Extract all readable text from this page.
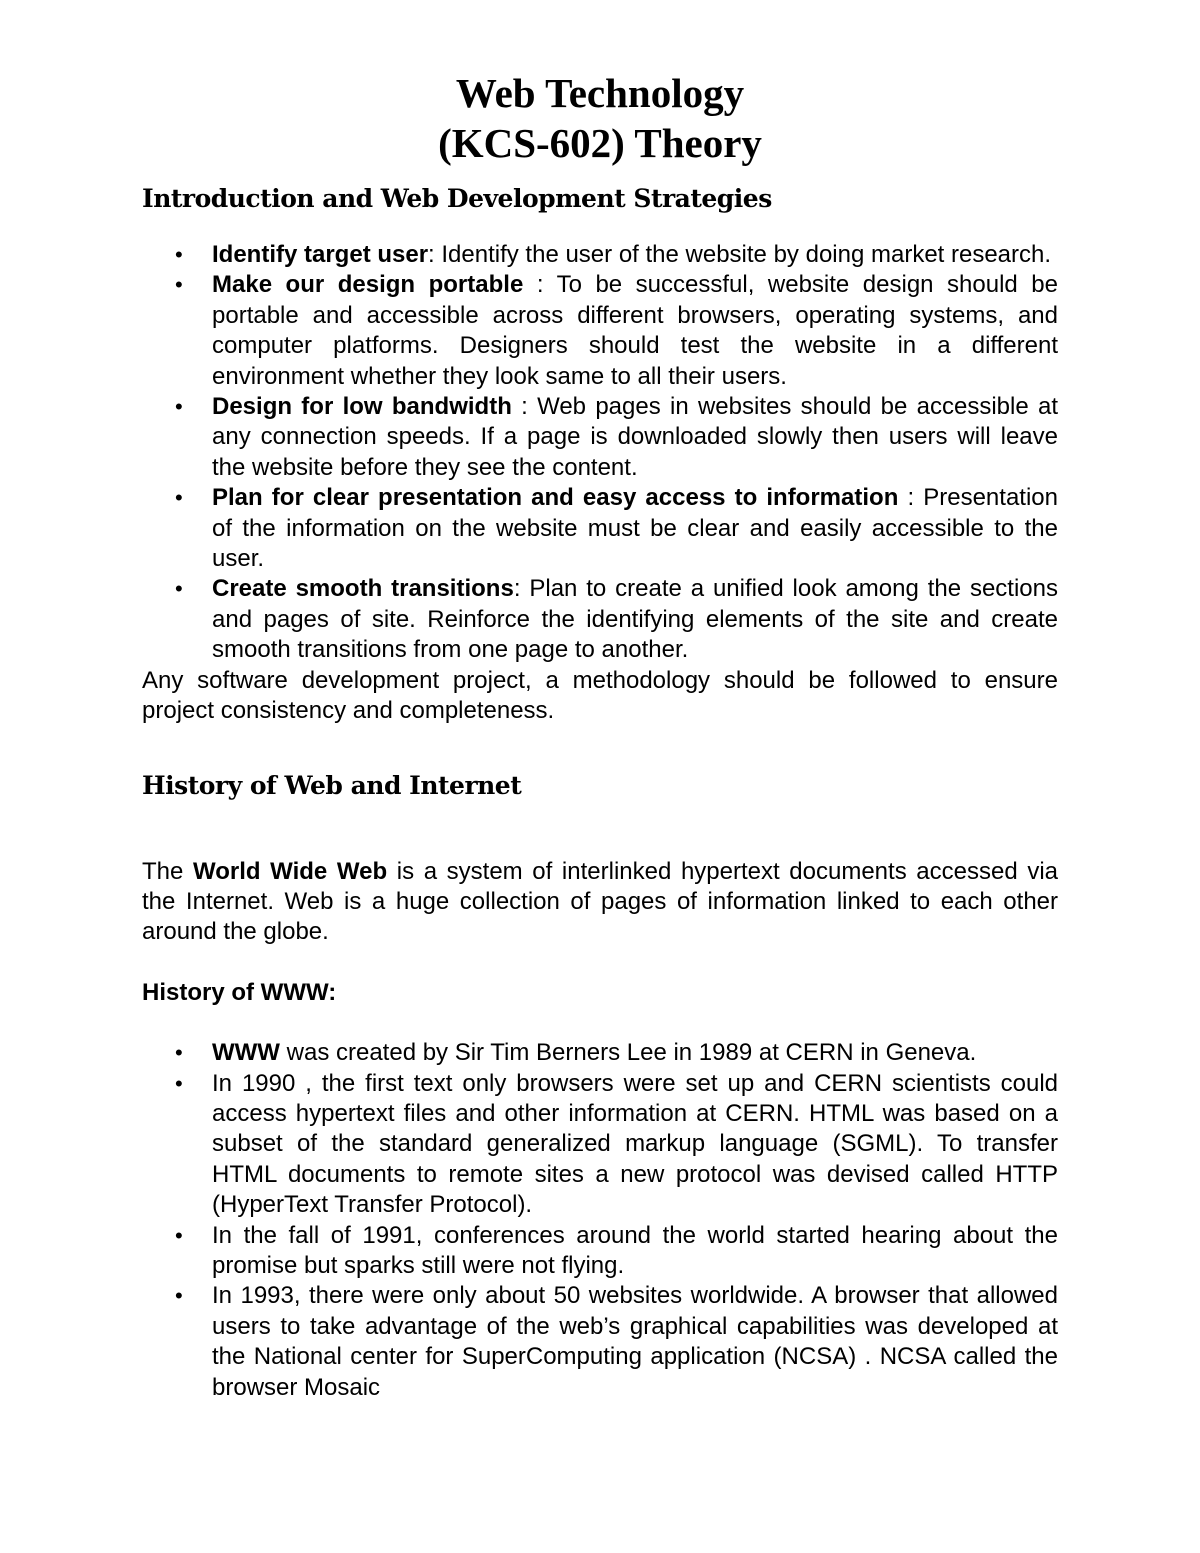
Web Technology
(KCS-602) Theory
Introduction and Web Development Strategies
• Identify target user: Identify the user of the website by doing market research.
• Make our design portable : To be successful, website design should be portable and accessible across different browsers, operating systems, and computer platforms. Designers should test the website in a different environment whether they look same to all their users.
• Design for low bandwidth : Web pages in websites should be accessible at any connection speeds. If a page is downloaded slowly then users will leave the website before they see the content.
• Plan for clear presentation and easy access to information : Presentation of the information on the website must be clear and easily accessible to the user.
• Create smooth transitions: Plan to create a unified look among the sections and pages of site. Reinforce the identifying elements of the site and create smooth transitions from one page to another.

Any software development project, a methodology should be followed to ensure project consistency and completeness.

History of Web and Internet

The World Wide Web is a system of interlinked hypertext documents accessed via the Internet. Web is a huge collection of pages of information linked to each other around the globe.

History of WWW:

• WWW was created by Sir Tim Berners Lee in 1989 at CERN in Geneva.
• In 1990 , the first text only browsers were set up and CERN scientists could access hypertext files and other information at CERN. HTML was based on a subset of the standard generalized markup language (SGML). To transfer HTML documents to remote sites a new protocol was devised called HTTP (HyperText Transfer Protocol).
• In the fall of 1991, conferences around the world started hearing about the promise but sparks still were not flying.
• In 1993, there were only about 50 websites worldwide. A browser that allowed users to take advantage of the web’s graphical capabilities was developed at the National center for SuperComputing application (NCSA) . NCSA called the browser Mosaic
